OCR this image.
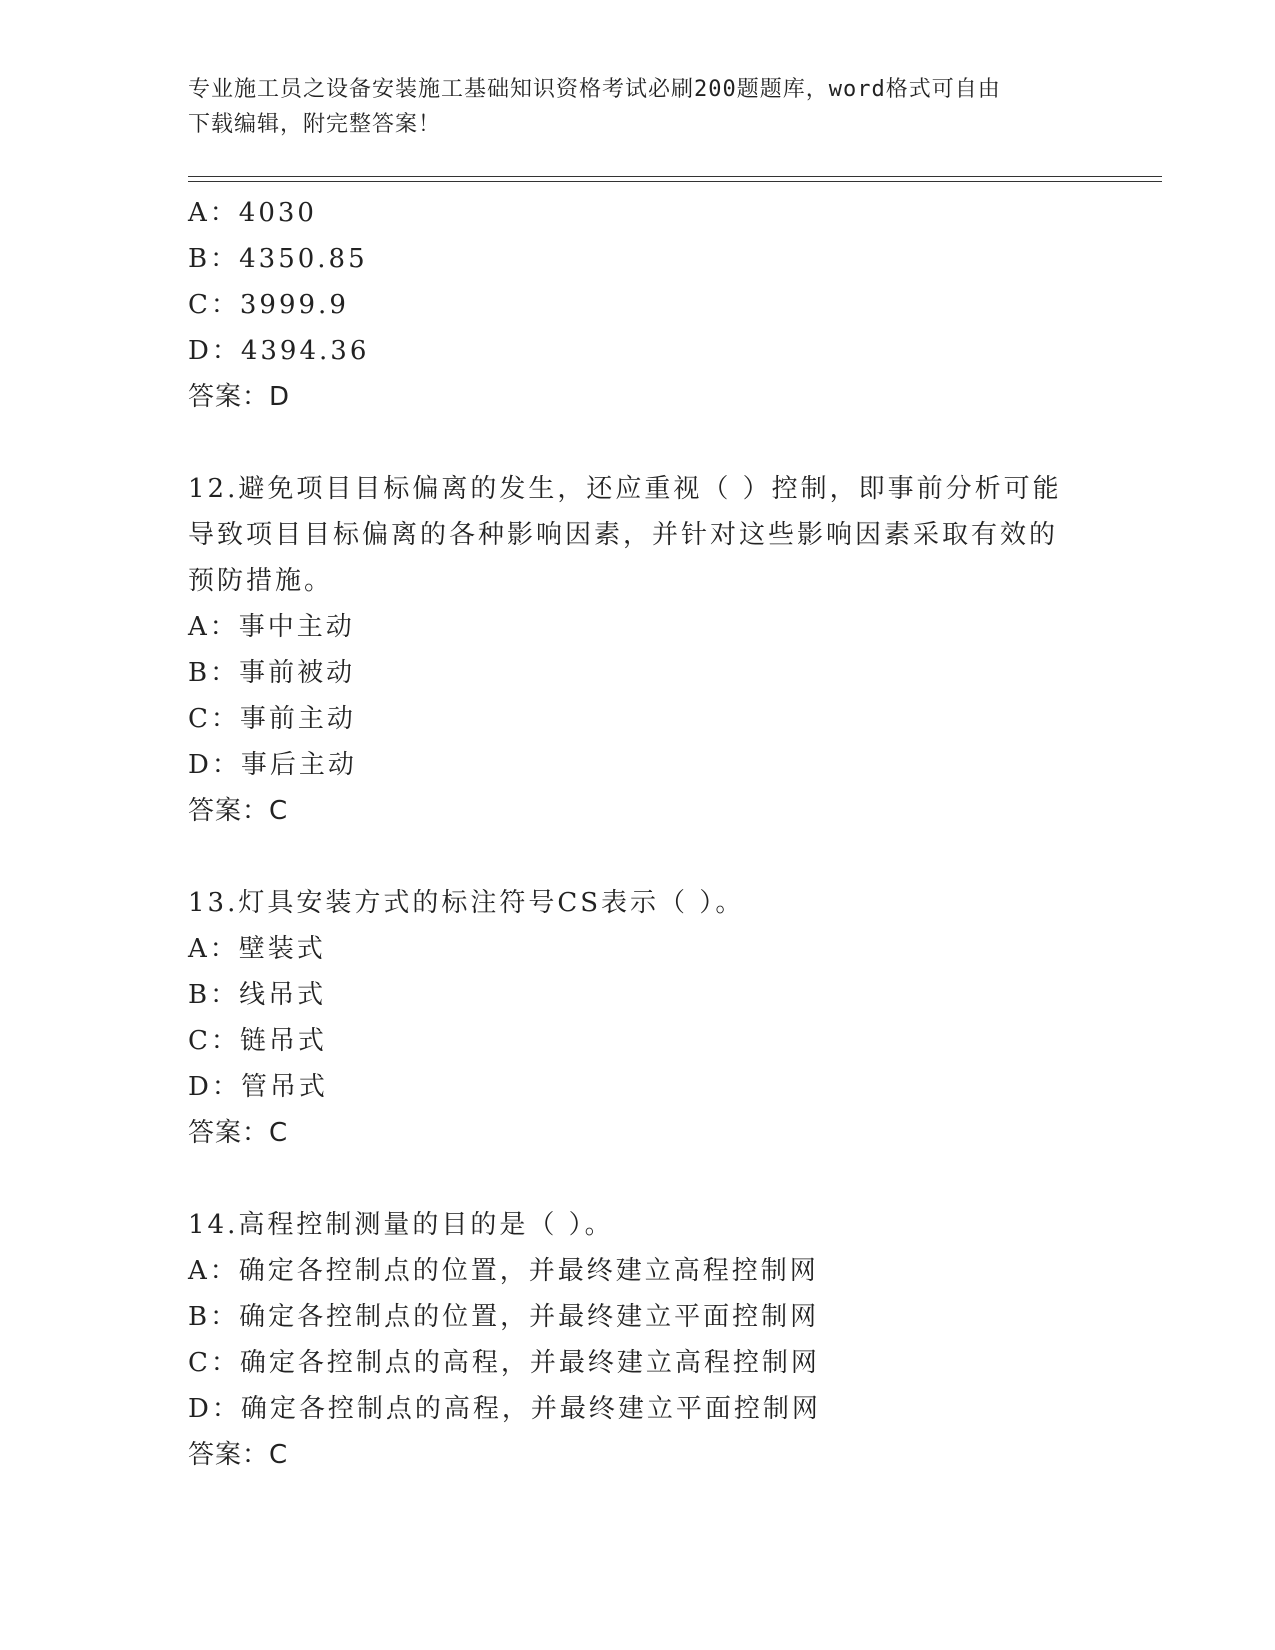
专业施工员之设备安装施工基础知识资格考试必刷200题题库，word格式可自由
下载编辑，附完整答案！
A：4030
B：4350.85
C：3999.9
D：4394.36
答案：D
12.避免项目目标偏离的发生，还应重视（ ）控制，即事前分析可能导致项目目标偏离的各种影响因素，并针对这些影响因素采取有效的预防措施。
A：事中主动
B：事前被动
C：事前主动
D：事后主动
答案：C
13.灯具安装方式的标注符号CS表示（ ）。
A：壁装式
B：线吊式
C：链吊式
D：管吊式
答案：C
14.高程控制测量的目的是（ ）。
A：确定各控制点的位置，并最终建立高程控制网
B：确定各控制点的位置，并最终建立平面控制网
C：确定各控制点的高程，并最终建立高程控制网
D：确定各控制点的高程，并最终建立平面控制网
答案：C
